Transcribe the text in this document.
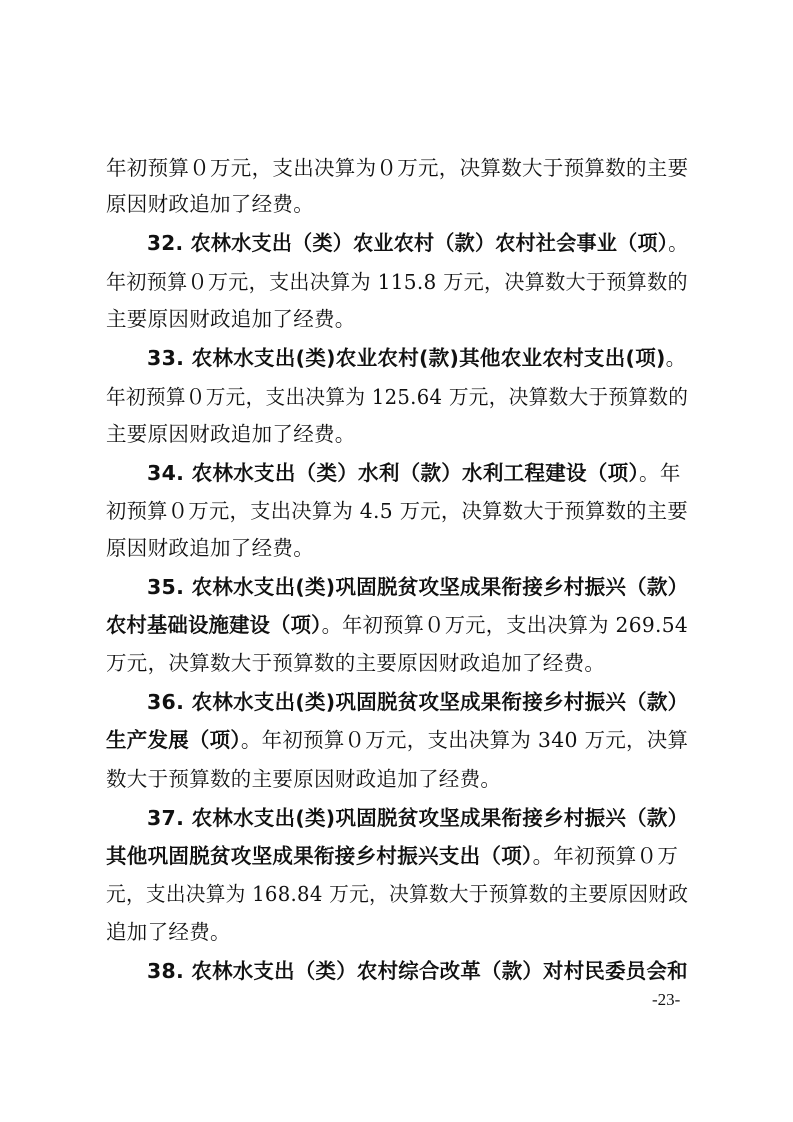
年初预算０万元，支出决算为０万元，决算数大于预算数的主要
原因财政追加了经费。
32. 农林水支出（类）农业农村（款）农村社会事业（项）。
年初预算０万元，支出决算为 115.8 万元，决算数大于预算数的
主要原因财政追加了经费。
33. 农林水支出(类)农业农村(款)其他农业农村支出(项)。
年初预算０万元，支出决算为 125.64 万元，决算数大于预算数的
主要原因财政追加了经费。
34. 农林水支出（类）水利（款）水利工程建设（项）。年
初预算０万元，支出决算为 4.5 万元，决算数大于预算数的主要
原因财政追加了经费。
35. 农林水支出(类)巩固脱贫攻坚成果衔接乡村振兴（款）
农村基础设施建设（项）。年初预算０万元，支出决算为 269.54
万元，决算数大于预算数的主要原因财政追加了经费。
36. 农林水支出(类)巩固脱贫攻坚成果衔接乡村振兴（款）
生产发展（项）。年初预算０万元，支出决算为 340 万元，决算
数大于预算数的主要原因财政追加了经费。
37. 农林水支出(类)巩固脱贫攻坚成果衔接乡村振兴（款）
其他巩固脱贫攻坚成果衔接乡村振兴支出（项）。年初预算０万
元，支出决算为 168.84 万元，决算数大于预算数的主要原因财政
追加了经费。
38. 农林水支出（类）农村综合改革（款）对村民委员会和
-23-
